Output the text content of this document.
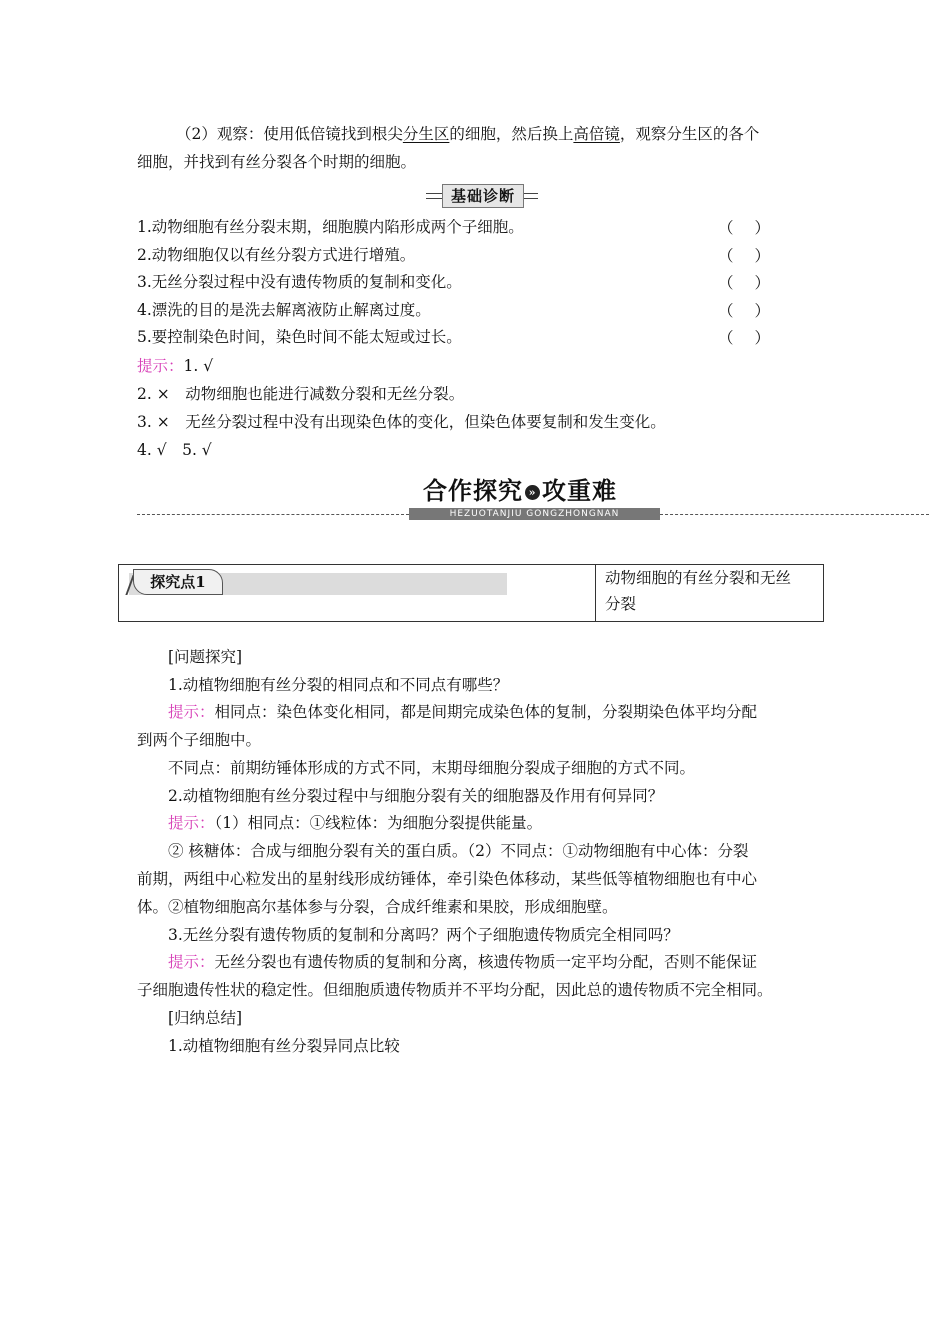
（2）观察：使用低倍镜找到根尖分生区的细胞，然后换上高倍镜，观察分生区的各个
细胞，并找到有丝分裂各个时期的细胞。
基础诊断
1.动物细胞有丝分裂末期，细胞膜内陷形成两个子细胞。	（ ）
2.动物细胞仅以有丝分裂方式进行增殖。	（ ）
3.无丝分裂过程中没有遗传物质的复制和变化。	（ ）
4.漂洗的目的是洗去解离液防止解离过度。	（ ）
5.要控制染色时间，染色时间不能太短或过长。	（ ）
提示：1. √
2. ×　动物细胞也能进行减数分裂和无丝分裂。
3. ×　无丝分裂过程中没有出现染色体的变化，但染色体要复制和发生变化。
4. √　5. √
合作探究 » 攻重难
HEZUOTANJIU GONGZHONGNAN
探究点1	动物细胞的有丝分裂和无丝
分裂
[问题探究]
1.动植物细胞有丝分裂的相同点和不同点有哪些？
提示：相同点：染色体变化相同，都是间期完成染色体的复制，分裂期染色体平均分配
到两个子细胞中。
不同点：前期纺锤体形成的方式不同，末期母细胞分裂成子细胞的方式不同。
2.动植物细胞有丝分裂过程中与细胞分裂有关的细胞器及作用有何异同？
提示：（1）相同点：①线粒体：为细胞分裂提供能量。
② 核糖体：合成与细胞分裂有关的蛋白质。（2）不同点：①动物细胞有中心体：分裂
前期，两组中心粒发出的星射线形成纺锤体，牵引染色体移动，某些低等植物细胞也有中心
体。②植物细胞高尔基体参与分裂，合成纤维素和果胶，形成细胞壁。
3.无丝分裂有遗传物质的复制和分离吗？两个子细胞遗传物质完全相同吗？
提示：无丝分裂也有遗传物质的复制和分离，核遗传物质一定平均分配，否则不能保证
子细胞遗传性状的稳定性。但细胞质遗传物质并不平均分配，因此总的遗传物质不完全相同。
[归纳总结]
1.动植物细胞有丝分裂异同点比较
